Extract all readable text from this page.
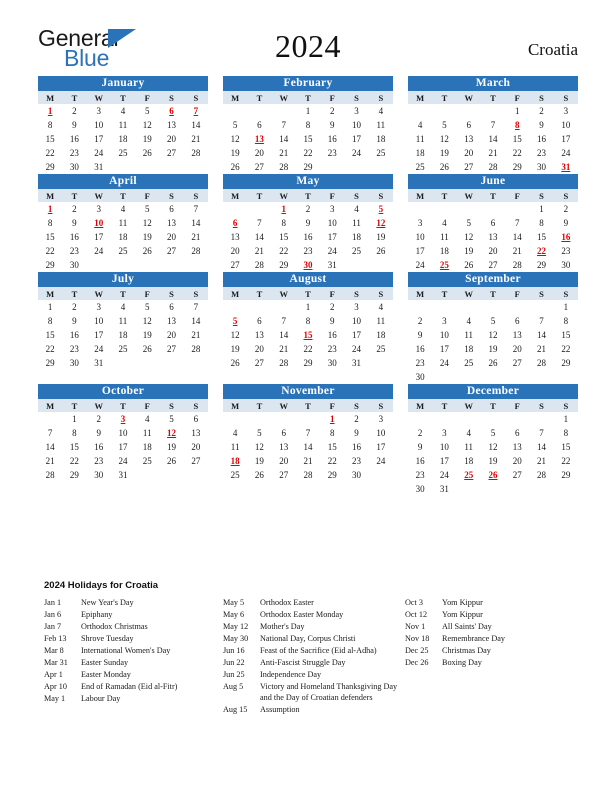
General
Blue	2024	Croatia
January
M	T	W	T	F	S	S
1	2	3	4	5	6	7
8	9	10	11	12	13	14
15	16	17	18	19	20	21
22	23	24	25	26	27	28
29	30	31				
February
M	T	W	T	F	S	S
			1	2	3	4
5	6	7	8	9	10	11
12	13	14	15	16	17	18
19	20	21	22	23	24	25
26	27	28	29			
March
M	T	W	T	F	S	S
				1	2	3
4	5	6	7	8	9	10
11	12	13	14	15	16	17
18	19	20	21	22	23	24
25	26	27	28	29	30	31
April
M	T	W	T	F	S	S
1	2	3	4	5	6	7
8	9	10	11	12	13	14
15	16	17	18	19	20	21
22	23	24	25	26	27	28
29	30					
May
M	T	W	T	F	S	S
		1	2	3	4	5
6	7	8	9	10	11	12
13	14	15	16	17	18	19
20	21	22	23	24	25	26
27	28	29	30	31		
June
M	T	W	T	F	S	S
					1	2
3	4	5	6	7	8	9
10	11	12	13	14	15	16
17	18	19	20	21	22	23
24	25	26	27	28	29	30
July
M	T	W	T	F	S	S
1	2	3	4	5	6	7
8	9	10	11	12	13	14
15	16	17	18	19	20	21
22	23	24	25	26	27	28
29	30	31				
August
M	T	W	T	F	S	S
			1	2	3	4
5	6	7	8	9	10	11
12	13	14	15	16	17	18
19	20	21	22	23	24	25
26	27	28	29	30	31	
September
M	T	W	T	F	S	S
						1
2	3	4	5	6	7	8
9	10	11	12	13	14	15
16	17	18	19	20	21	22
23	24	25	26	27	28	29
30						
October
M	T	W	T	F	S	S
	1	2	3	4	5	6
7	8	9	10	11	12	13
14	15	16	17	18	19	20
21	22	23	24	25	26	27
28	29	30	31			
November
M	T	W	T	F	S	S
				1	2	3
4	5	6	7	8	9	10
11	12	13	14	15	16	17
18	19	20	21	22	23	24
25	26	27	28	29	30	
December
M	T	W	T	F	S	S
						1
2	3	4	5	6	7	8
9	10	11	12	13	14	15
16	17	18	19	20	21	22
23	24	25	26	27	28	29
30	31					
2024 Holidays for Croatia
Jan 1	New Year's Day
Jan 6	Epiphany
Jan 7	Orthodox Christmas
Feb 13	Shrove Tuesday
Mar 8	International Women's Day
Mar 31	Easter Sunday
Apr 1	Easter Monday
Apr 10	End of Ramadan (Eid al-Fitr)
May 1	Labour Day
May 5	Orthodox Easter
May 6	Orthodox Easter Monday
May 12	Mother's Day
May 30	National Day, Corpus Christi
Jun 16	Feast of the Sacrifice (Eid al-Adha)
Jun 22	Anti-Fascist Struggle Day
Jun 25	Independence Day
Aug 5	Victory and Homeland Thanksgiving Day and the Day of Croatian defenders
Aug 15	Assumption
Oct 3	Yom Kippur
Oct 12	Yom Kippur
Nov 1	All Saints' Day
Nov 18	Remembrance Day
Dec 25	Christmas Day
Dec 26	Boxing Day
